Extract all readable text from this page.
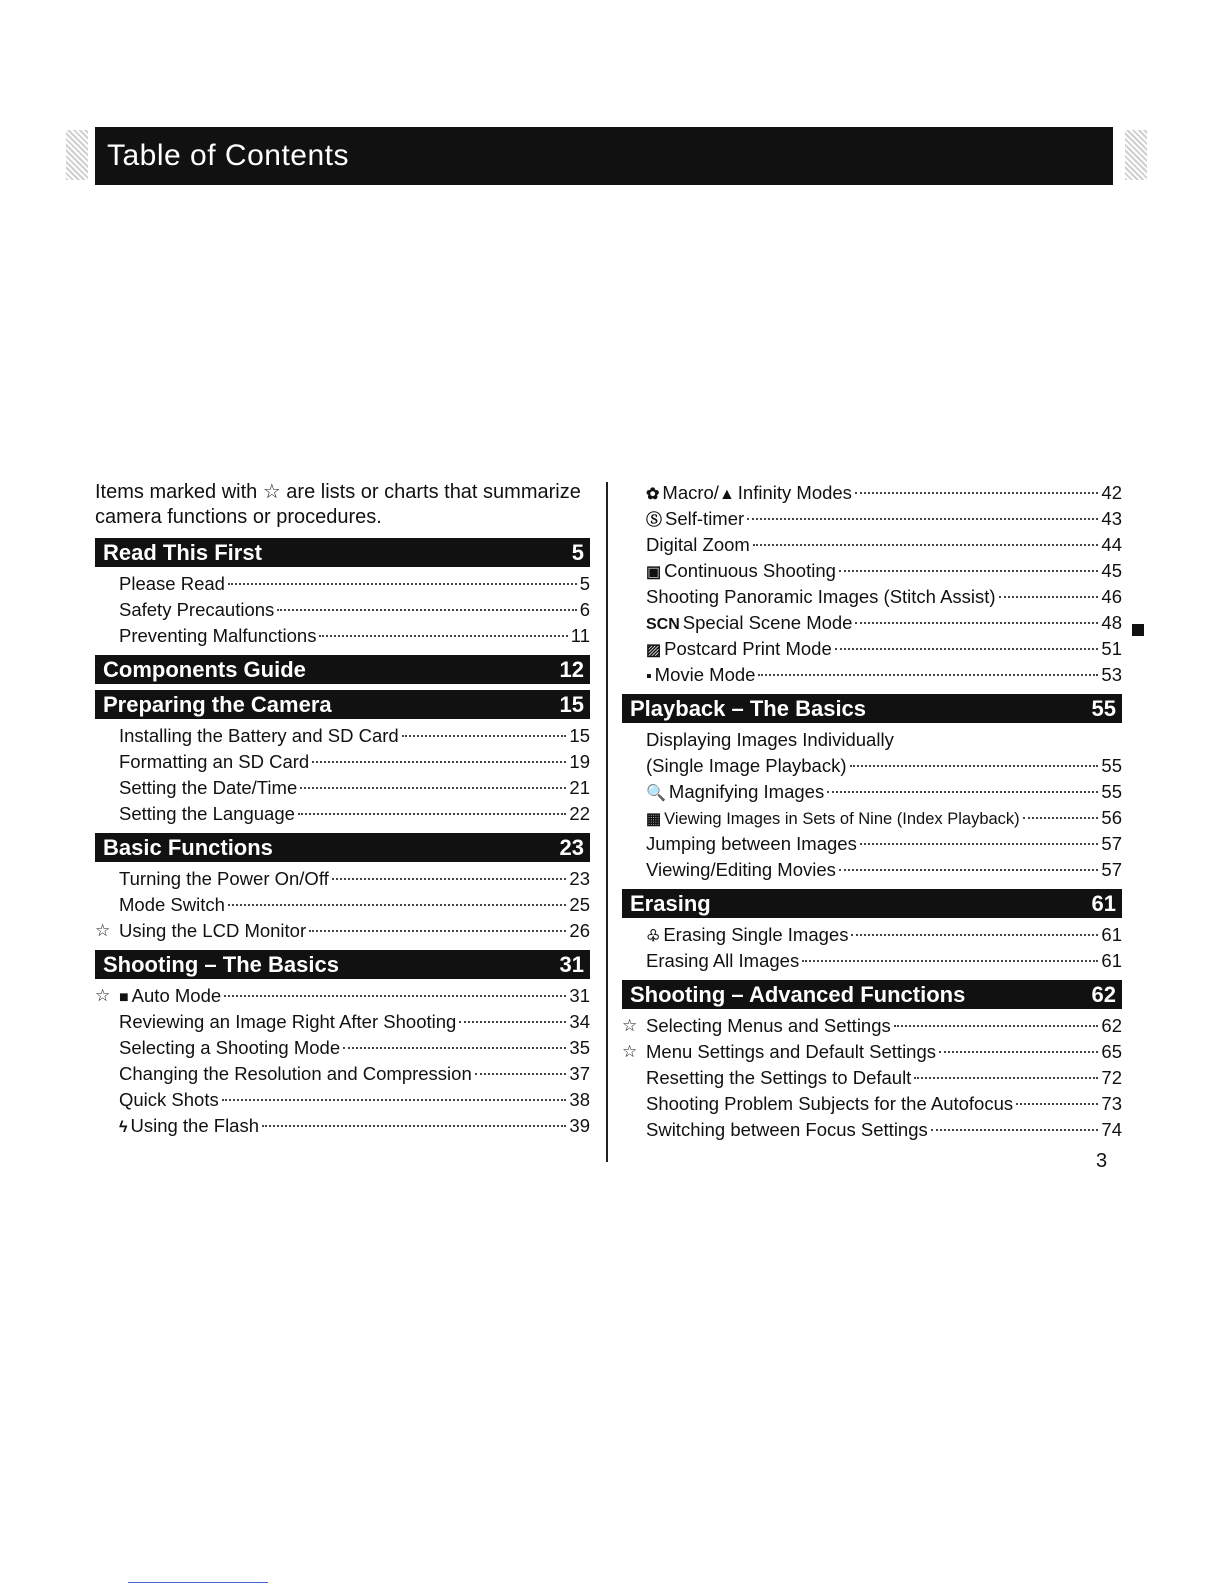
Table of Contents
Items marked with ☆ are lists or charts that summarize camera functions or procedures.
Read This First	5
Please Read	5
Safety Precautions	6
Preventing Malfunctions	11
Components Guide	12
Preparing the Camera	15
Installing the Battery and SD Card	15
Formatting an SD Card	19
Setting the Date/Time	21
Setting the Language	22
Basic Functions	23
Turning the Power On/Off	23
Mode Switch	25
☆ Using the LCD Monitor	26
Shooting – The Basics	31
☆ ■ Auto Mode	31
Reviewing an Image Right After Shooting	34
Selecting a Shooting Mode	35
Changing the Resolution and Compression	37
Quick Shots	38
ϟ Using the Flash	39
✿ Macro/ ▲ Infinity Modes	42
Ⓢ Self-timer	43
Digital Zoom	44
▣ Continuous Shooting	45
Shooting Panoramic Images (Stitch Assist)	46
SCN Special Scene Mode	48
▨ Postcard Print Mode	51
▪ Movie Mode	53
Playback – The Basics	55
Displaying Images Individually
(Single Image Playback)	55
🔍 Magnifying Images	55
▦ Viewing Images in Sets of Nine (Index Playback)	56
Jumping between Images	57
Viewing/Editing Movies	57
Erasing	61
♧ Erasing Single Images	61
Erasing All Images	61
Shooting – Advanced Functions	62
☆ Selecting Menus and Settings	62
☆ Menu Settings and Default Settings	65
Resetting the Settings to Default	72
Shooting Problem Subjects for the Autofocus	73
Switching between Focus Settings	74
3
